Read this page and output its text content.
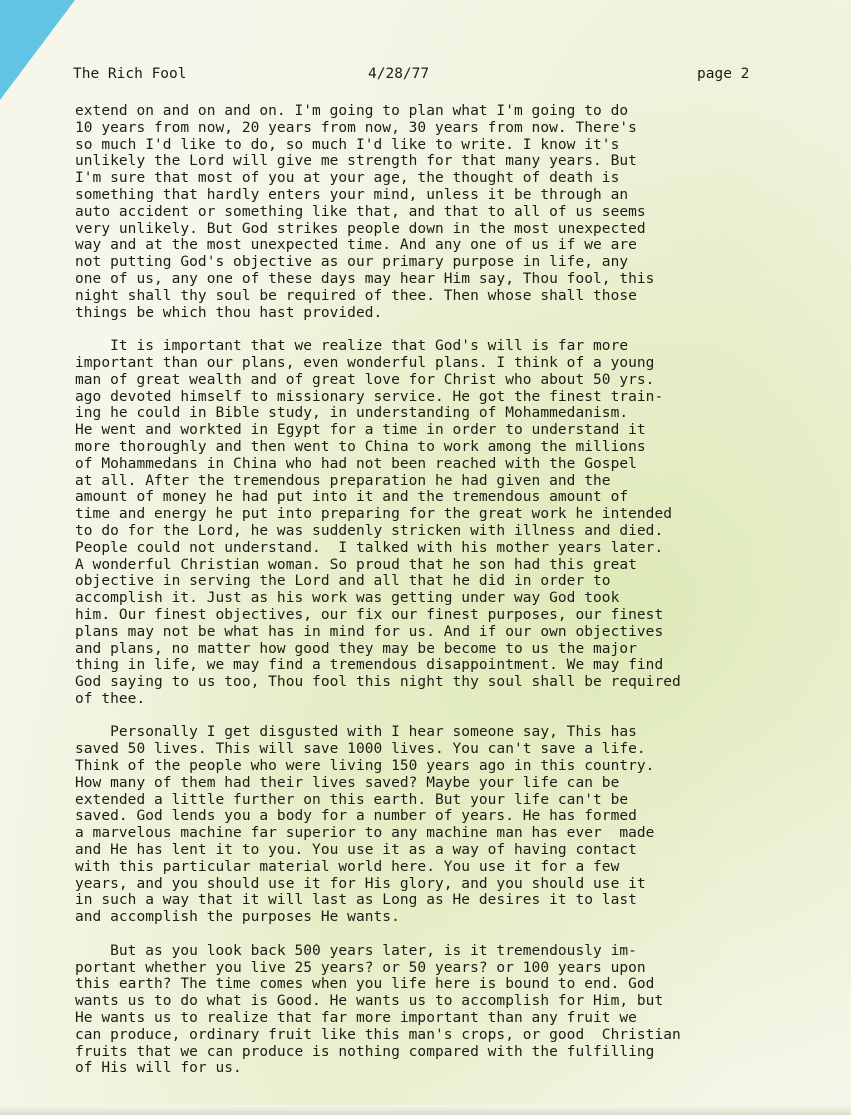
The Rich Fool	4/28/77	page 2
extend on and on and on. I'm going to plan what I'm going to do
10 years from now, 20 years from now, 30 years from now. There's
so much I'd like to do, so much I'd like to write. I know it's
unlikely the Lord will give me strength for that many years. But
I'm sure that most of you at your age, the thought of death is
something that hardly enters your mind, unless it be through an
auto accident or something like that, and that to all of us seems
very unlikely. But God strikes people down in the most unexpected
way and at the most unexpected time. And any one of us if we are
not putting God's objective as our primary purpose in life, any
one of us, any one of these days may hear Him say, Thou fool, this
night shall thy soul be required of thee. Then whose shall those
things be which thou hast provided.
It is important that we realize that God's will is far more
important than our plans, even wonderful plans. I think of a young
man of great wealth and of great love for Christ who about 50 yrs.
ago devoted himself to missionary service. He got the finest train-
ing he could in Bible study, in understanding of Mohammedanism.
He went and workted in Egypt for a time in order to understand it
more thoroughly and then went to China to work among the millions
of Mohammedans in China who had not been reached with the Gospel
at all. After the tremendous preparation he had given and the
amount of money he had put into it and the tremendous amount of
time and energy he put into preparing for the great work he intended
to do for the Lord, he was suddenly stricken with illness and died.
People could not understand.  I talked with his mother years later.
A wonderful Christian woman. So proud that he son had this great
objective in serving the Lord and all that he did in order to
accomplish it. Just as his work was getting under way God took
him. Our finest objectives, our fix our finest purposes, our finest
plans may not be what has in mind for us. And if our own objectives
and plans, no matter how good they may be become to us the major
thing in life, we may find a tremendous disappointment. We may find
God saying to us too, Thou fool this night thy soul shall be required
of thee.
Personally I get disgusted with I hear someone say, This has
saved 50 lives. This will save 1000 lives. You can't save a life.
Think of the people who were living 150 years ago in this country.
How many of them had their lives saved? Maybe your life can be
extended a little further on this earth. But your life can't be
saved. God lends you a body for a number of years. He has formed
a marvelous machine far superior to any machine man has ever  made
and He has lent it to you. You use it as a way of having contact
with this particular material world here. You use it for a few
years, and you should use it for His glory, and you should use it
in such a way that it will last as Long as He desires it to last
and accomplish the purposes He wants.
But as you look back 500 years later, is it tremendously im-
portant whether you live 25 years? or 50 years? or 100 years upon
this earth? The time comes when you life here is bound to end. God
wants us to do what is Good. He wants us to accomplish for Him, but
He wants us to realize that far more important than any fruit we
can produce, ordinary fruit like this man's crops, or good  Christian
fruits that we can produce is nothing compared with the fulfilling
of His will for us.
